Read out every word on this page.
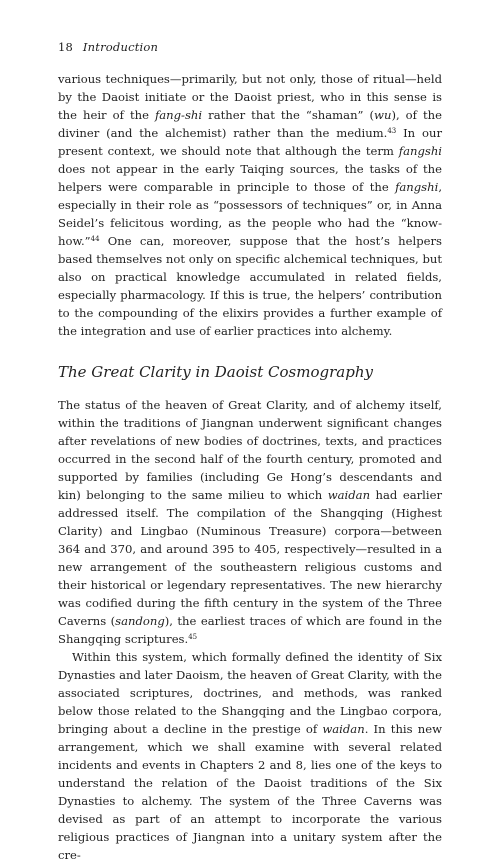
18 Introduction

various techniques—primarily, but not only, those of ritual—held by the Daoist initiate or the Daoist priest, who in this sense is the heir of the fang-shi rather that the “shaman” (wu), of the diviner (and the alchemist) rather than the medium.$^{43}$ In our present context, we should note that although the term fangshi does not appear in the early Taiqing sources, the tasks of the helpers were comparable in principle to those of the fangshi, especially in their role as “possessors of techniques” or, in Anna Seidel’s felicitous wording, as the people who had the “know-how.”$^{44}$ One can, moreover, suppose that the host’s helpers based themselves not only on specific alchemical techniques, but also on practical knowledge accumulated in related fields, especially pharmacology. If this is true, the helpers’ contribution to the compounding of the elixirs provides a further example of the integration and use of earlier practices into alchemy.

The Great Clarity in Daoist Cosmography

The status of the heaven of Great Clarity, and of alchemy itself, within the traditions of Jiangnan underwent significant changes after revelations of new bodies of doctrines, texts, and practices occurred in the second half of the fourth century, promoted and supported by families (including Ge Hong’s descendants and kin) belonging to the same milieu to which waidan had earlier addressed itself. The compilation of the Shangqing (Highest Clarity) and Lingbao (Numinous Treasure) corpora—between 364 and 370, and around 395 to 405, respectively—resulted in a new arrangement of the southeastern religious customs and their historical or legendary representatives. The new hierarchy was codified during the fifth century in the system of the Three Caverns (sandong), the earliest traces of which are found in the Shangqing scriptures.$^{45}$

Within this system, which formally defined the identity of Six Dynasties and later Daoism, the heaven of Great Clarity, with the associated scriptures, doctrines, and methods, was ranked below those related to the Shangqing and the Lingbao corpora, bringing about a decline in the prestige of waidan. In this new arrangement, which we shall examine with several related incidents and events in Chapters 2 and 8, lies one of the keys to understand the relation of the Daoist traditions of the Six Dynasties to alchemy. The system of the Three Caverns was devised as part of an attempt to incorporate the various religious practices of Jiangnan into a unitary system after the cre-
